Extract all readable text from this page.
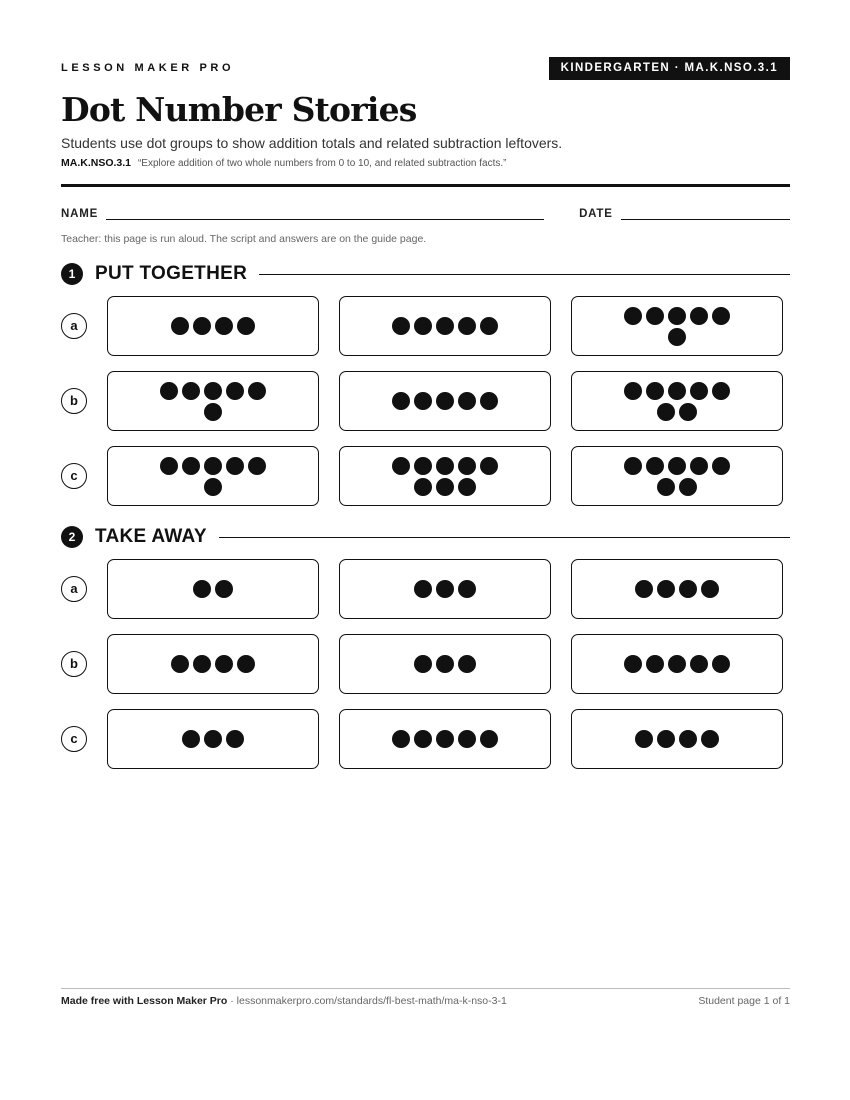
LESSON MAKER PRO	KINDERGARTEN · MA.K.NSO.3.1
Dot Number Stories
Students use dot groups to show addition totals and related subtraction leftovers.
MA.K.NSO.3.1 “Explore addition of two whole numbers from 0 to 10, and related subtraction facts.”
NAME	DATE
Teacher: this page is run aloud. The script and answers are on the guide page.
1	PUT TOGETHER
a
b
c
2	TAKE AWAY
a
b
c
Made free with Lesson Maker Pro · lessonmakerpro.com/standards/fl-best-math/ma-k-nso-3-1	Student page 1 of 1
